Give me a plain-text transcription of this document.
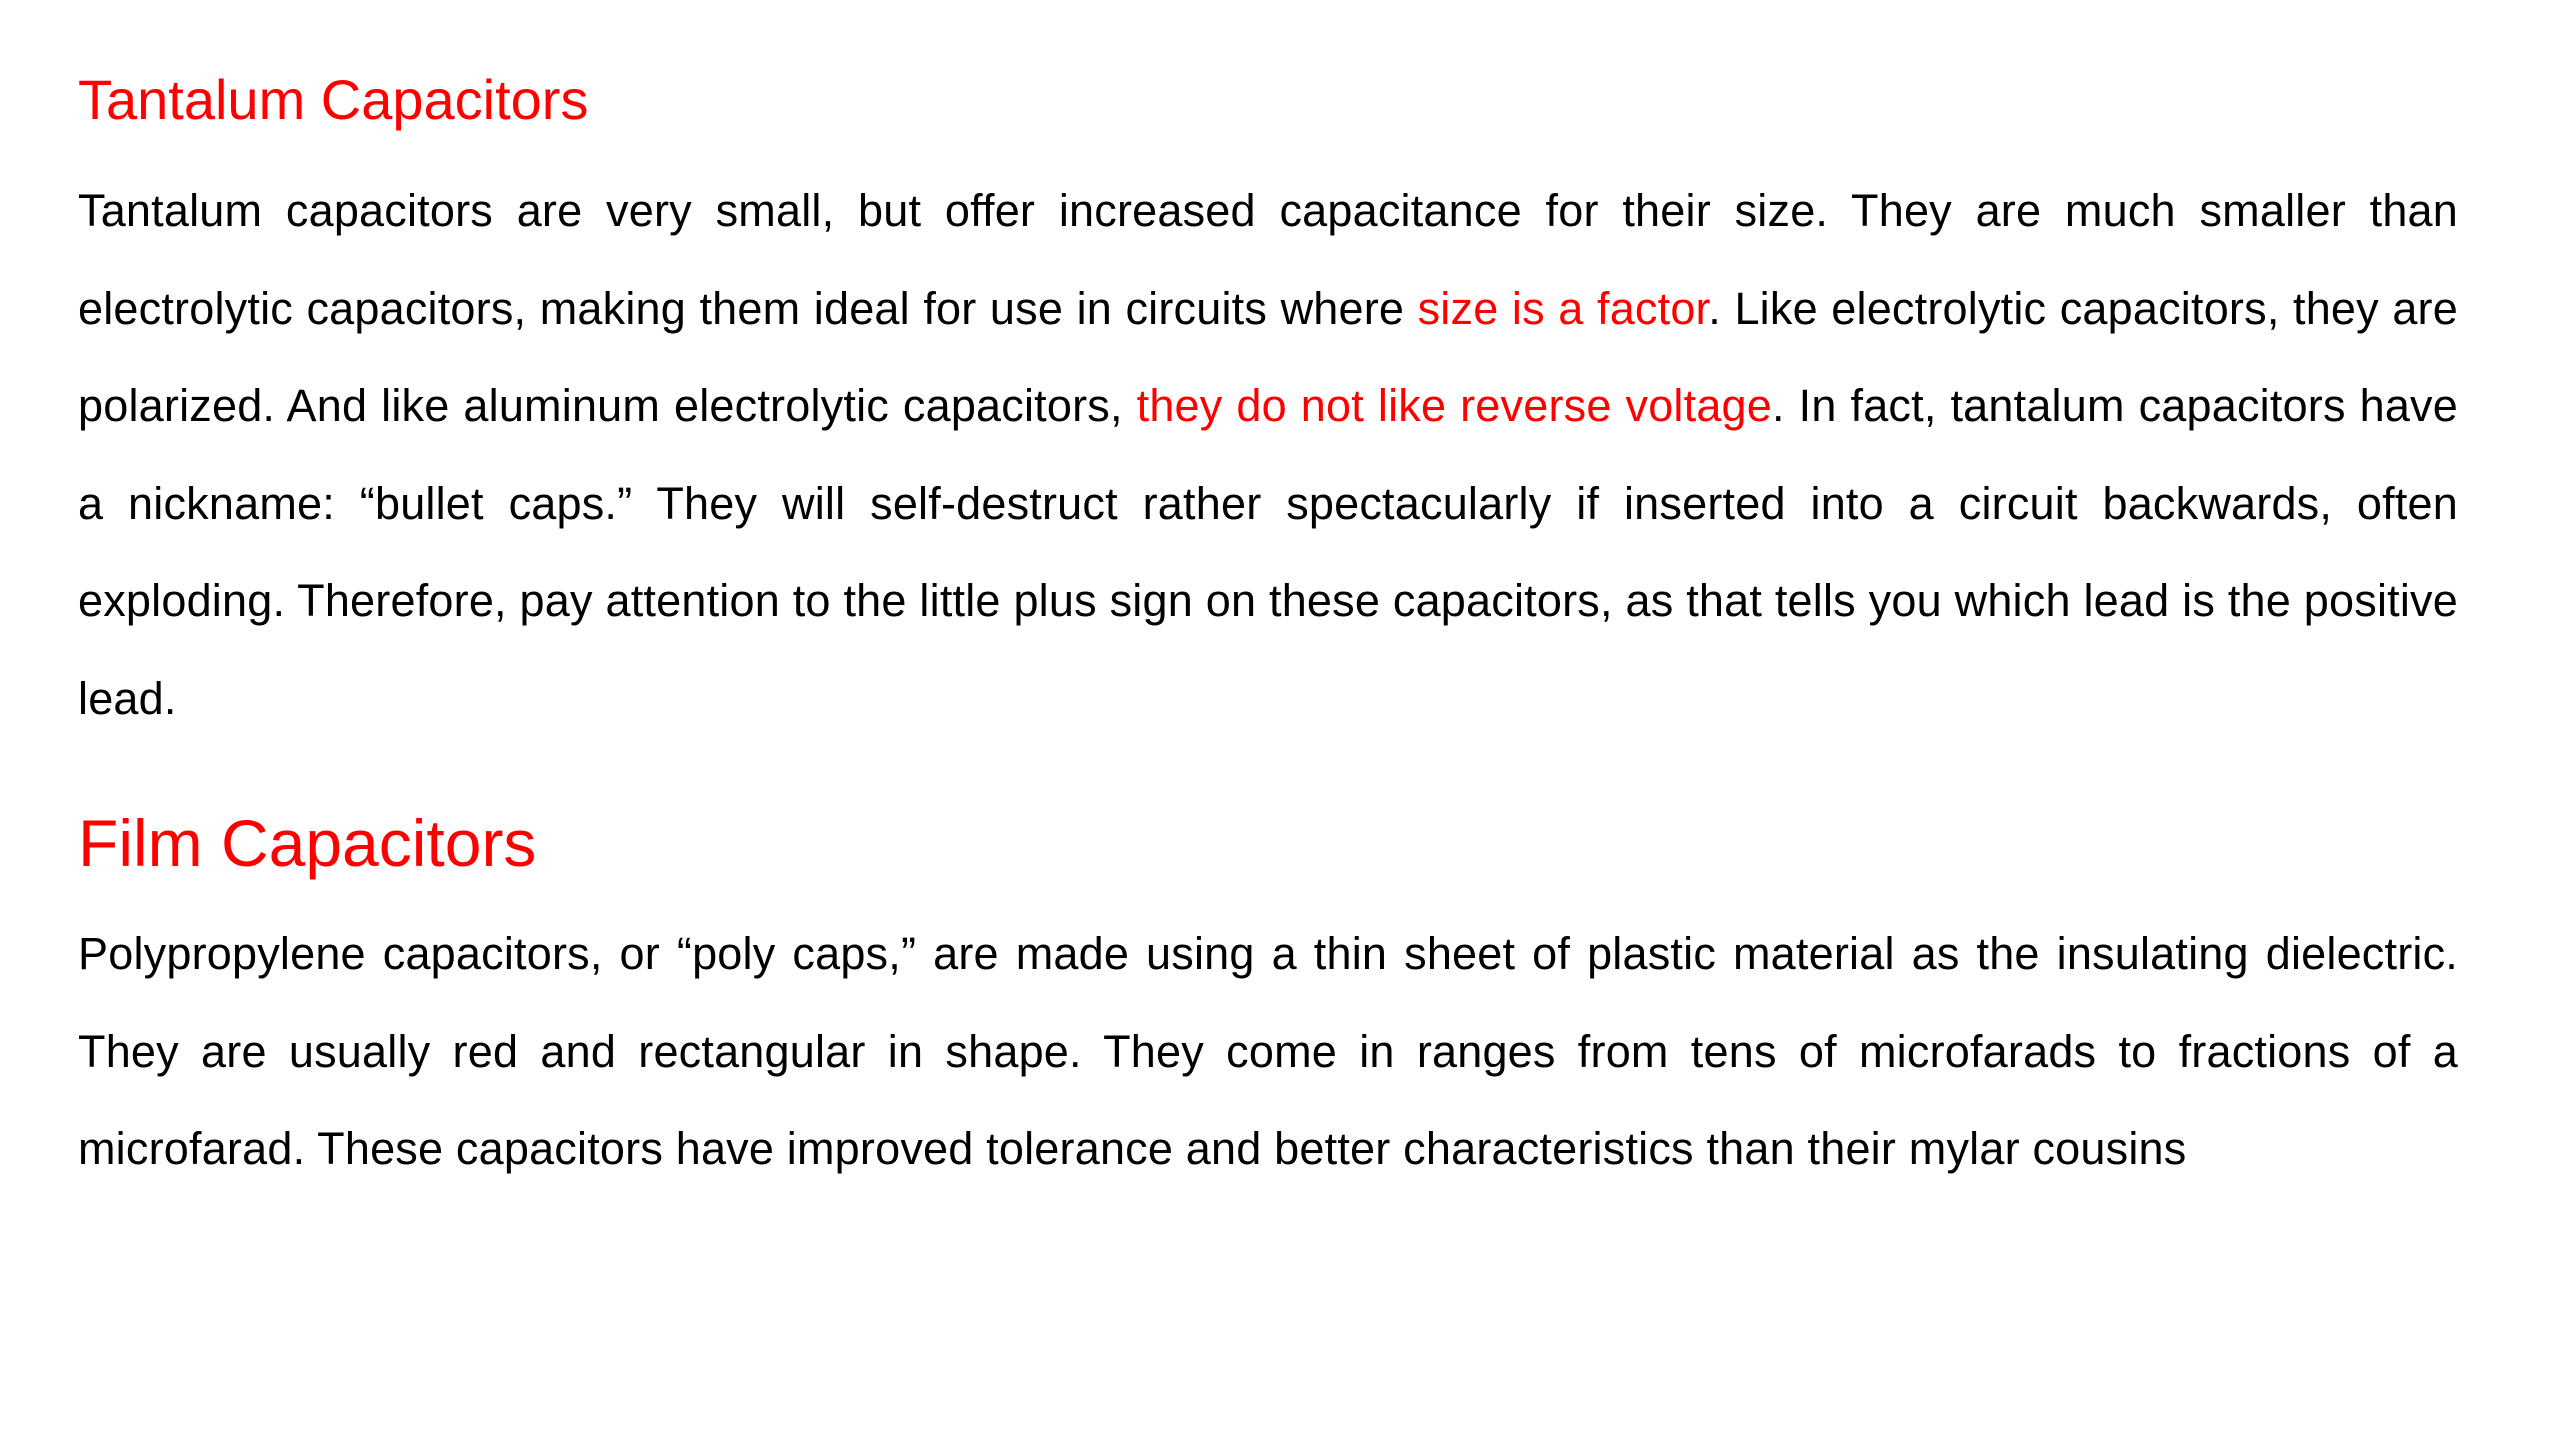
Tantalum Capacitors

Tantalum capacitors are very small, but offer increased capacitance for their size. They are much smaller than electrolytic capacitors, making them ideal for use in circuits where size is a factor. Like electrolytic capacitors, they are polarized. And like aluminum electrolytic capacitors, they do not like reverse voltage. In fact, tantalum capacitors have a nickname: “bullet caps.” They will self-destruct rather spectacularly if inserted into a circuit backwards, often exploding. Therefore, pay attention to the little plus sign on these capacitors, as that tells you which lead is the positive lead.

Film Capacitors

Polypropylene capacitors, or “poly caps,” are made using a thin sheet of plastic material as the insulating dielectric. They are usually red and rectangular in shape. They come in ranges from tens of microfarads to fractions of a microfarad. These capacitors have improved tolerance and better characteristics than their mylar cousins
